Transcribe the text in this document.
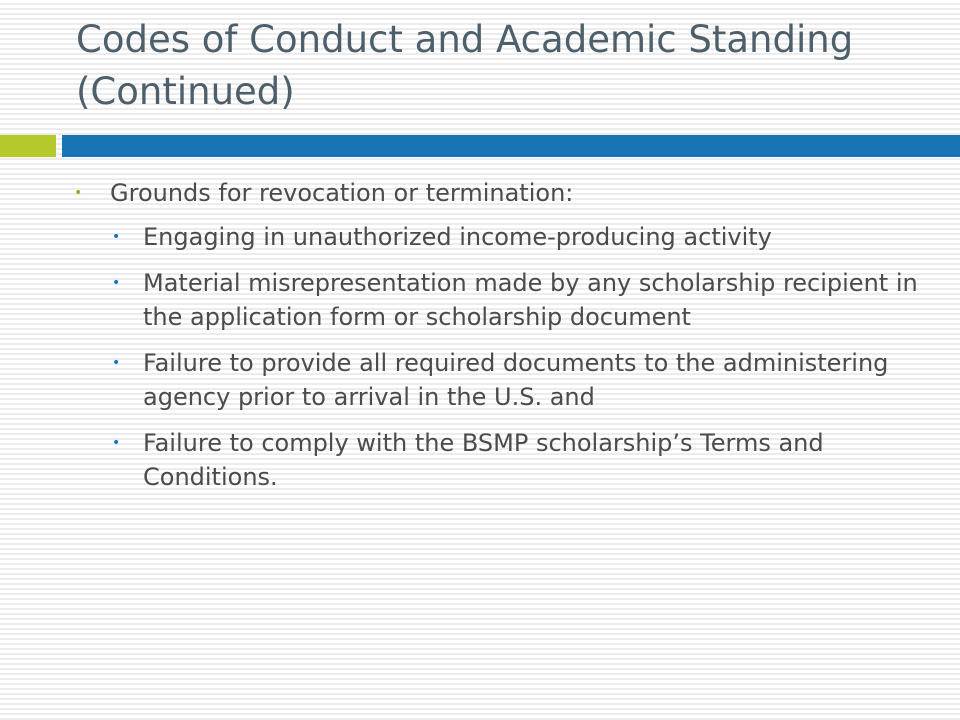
Codes of Conduct and Academic Standing (Continued)
• Grounds for revocation or termination:
• Engaging in unauthorized income-producing activity
• Material misrepresentation made by any scholarship recipient in the application form or scholarship document
• Failure to provide all required documents to the administering agency prior to arrival in the U.S. and
• Failure to comply with the BSMP scholarship’s Terms and Conditions.
